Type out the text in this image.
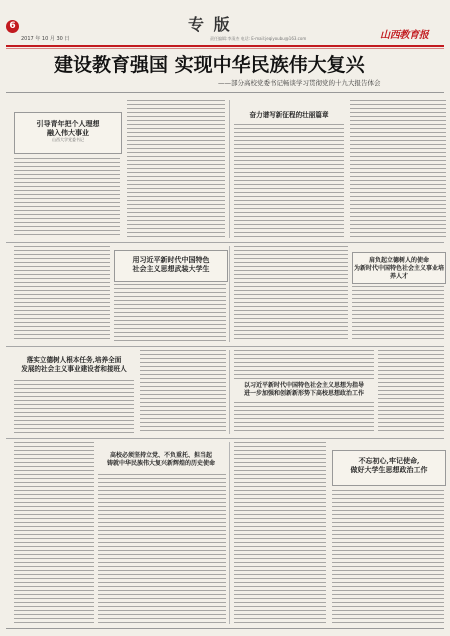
6
2017 年 10 月 30 日
专 版
责任编辑:李清杰 电话: E-mail:jeqiyoubu@163.com	山西教育报
建设教育强国 实现中华民族伟大复兴
——部分高校党委书记畅谈学习贯彻党的十九大报告体会
引导青年把个人理想
融入伟大事业
山西大学党委书记
奋力谱写新征程的壮丽篇章
用习近平新时代中国特色
社会主义思想武装大学生
肩负起立德树人的使命
为新时代中国特色社会主义事业培养人才
落实立德树人根本任务,培养全面
发展的社会主义事业建设者和接班人
以习近平新时代中国特色社会主义思想为指导
进一步加强和创新新形势下高校思想政治工作
高校必须坚持立党、不负重托、担当起
铸就中华民族伟大复兴新辉煌的历史使命	不忘初心,牢记使命,
做好大学生思想政治工作
